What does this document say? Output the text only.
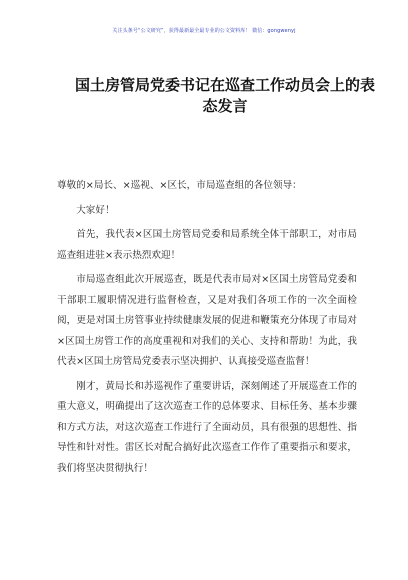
关注头条号“公文研究”，获得最新最全最专业的公文资料库！ 微信：gongwenyj
国土房管局党委书记在巡查工作动员会上的表态发言

尊敬的×局长、×巡视、×区长，市局巡查组的各位领导：

大家好！

首先，我代表×区国土房管局党委和局系统全体干部职工，对市局巡查组进驻×表示热烈欢迎！

市局巡查组此次开展巡查，既是代表市局对×区国土房管局党委和干部职工履职情况进行监督检查，又是对我们各项工作的一次全面检阅，更是对国土房管事业持续健康发展的促进和鞭策充分体现了市局对×区国土房管工作的高度重视和对我们的关心、支持和帮助！为此，我代表×区国土房管局党委表示坚决拥护、认真接受巡查监督！

刚才，黄局长和苏巡视作了重要讲话，深刻阐述了开展巡查工作的重大意义，明确提出了这次巡查工作的总体要求、目标任务、基本步骤和方式方法，对这次巡查工作进行了全面动员，具有很强的思想性、指导性和针对性。雷区长对配合搞好此次巡查工作作了重要指示和要求，我们将坚决贯彻执行！
